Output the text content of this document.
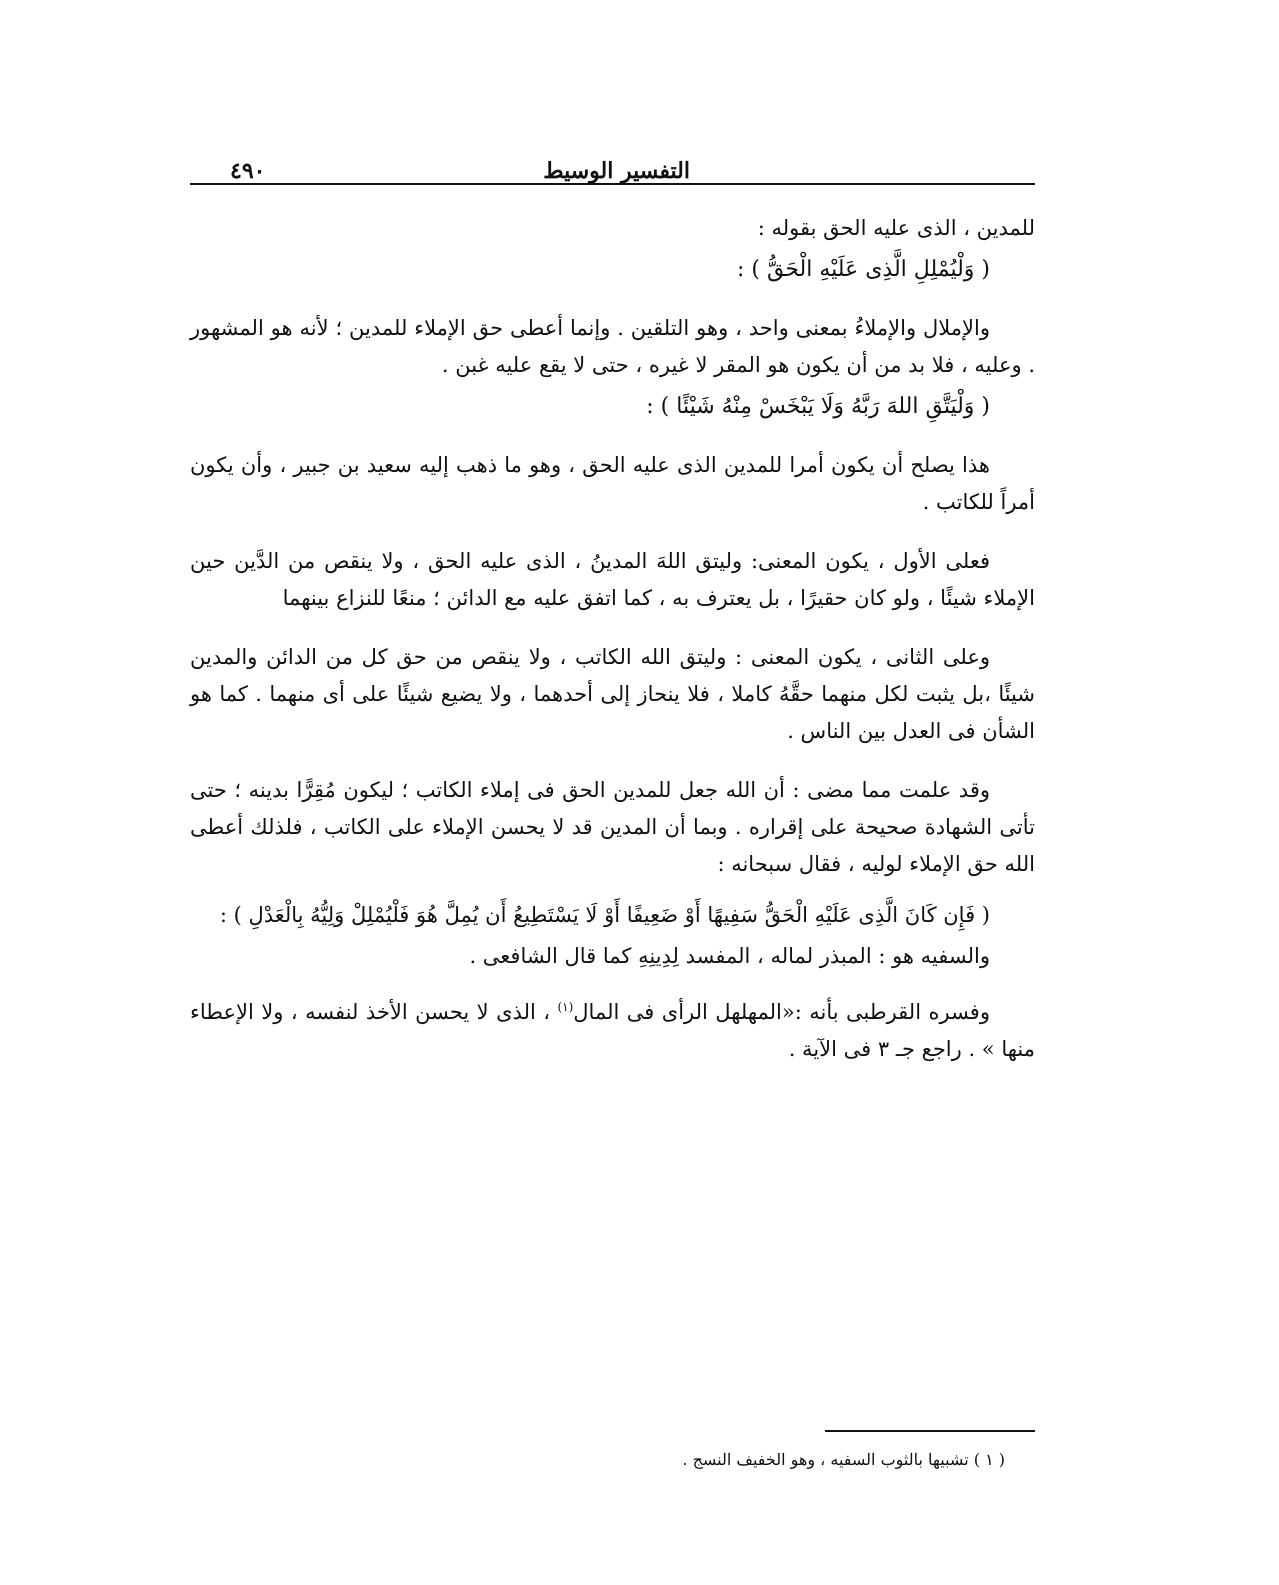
التفسير الوسيط
٤٩٠

للمدين ، الذى عليه الحق بقوله :

( وَلْيُمْلِلِ الَّذِى عَلَيْهِ الْحَقُّ ) :

والإملال والإملاءُ بمعنى واحد ، وهو التلقين . وإنما أعطى حق الإملاء للمدين ؛ لأنه هو المشهور . وعليه ، فلا بد من أن يكون هو المقر لا غيره ، حتى لا يقع عليه غبن .

( وَلْيَتَّقِ اللهَ رَبَّهُ وَلَا يَبْخَسْ مِنْهُ شَيْئًا ) :

هذا يصلح أن يكون أمرا للمدين الذى عليه الحق ، وهو ما ذهب إليه سعيد بن جبير ، وأن يكون أمراً للكاتب .

فعلى الأول ، يكون المعنى: وليتق اللهَ المدينُ ، الذى عليه الحق ، ولا ينقص من الدَّين حين الإملاء شيئًا ، ولو كان حقيرًا ، بل يعترف به ، كما اتفق عليه مع الدائن ؛ منعًا للنزاع بينهما

وعلى الثانى ، يكون المعنى : وليتق الله الكاتب ، ولا ينقص من حق كل من الدائن والمدين شيئًا ،بل يثبت لكل منهما حقَّهُ كاملا ، فلا ينحاز إلى أحدهما ، ولا يضيع شيئًا على أى منهما . كما هو الشأن فى العدل بين الناس .

وقد علمت مما مضى : أن الله جعل للمدين الحق فى إملاء الكاتب ؛ ليكون مُقِرًّا بدينه ؛ حتى تأتى الشهادة صحيحة على إقراره . وبما أن المدين قد لا يحسن الإملاء على الكاتب ، فلذلك أعطى الله حق الإملاء لوليه ، فقال سبحانه :

( فَإِن كَانَ الَّذِى عَلَيْهِ الْحَقُّ سَفِيهًا أَوْ ضَعِيفًا أَوْ لَا يَسْتَطِيعُ أَن يُمِلَّ هُوَ فَلْيُمْلِلْ وَلِيُّهُ بِالْعَدْلِ ) :

والسفيه هو : المبذر لماله ، المفسد لِدِينِهِ كما قال الشافعى .

وفسره القرطبى بأنه :«المهلهل الرأى فى المال$^{(١)}$ ، الذى لا يحسن الأخذ لنفسه ، ولا الإعطاء منها » . راجع جـ ٣ فى الآية .

( ١ ) تشبيها بالثوب السفيه ، وهو الخفيف النسج .
